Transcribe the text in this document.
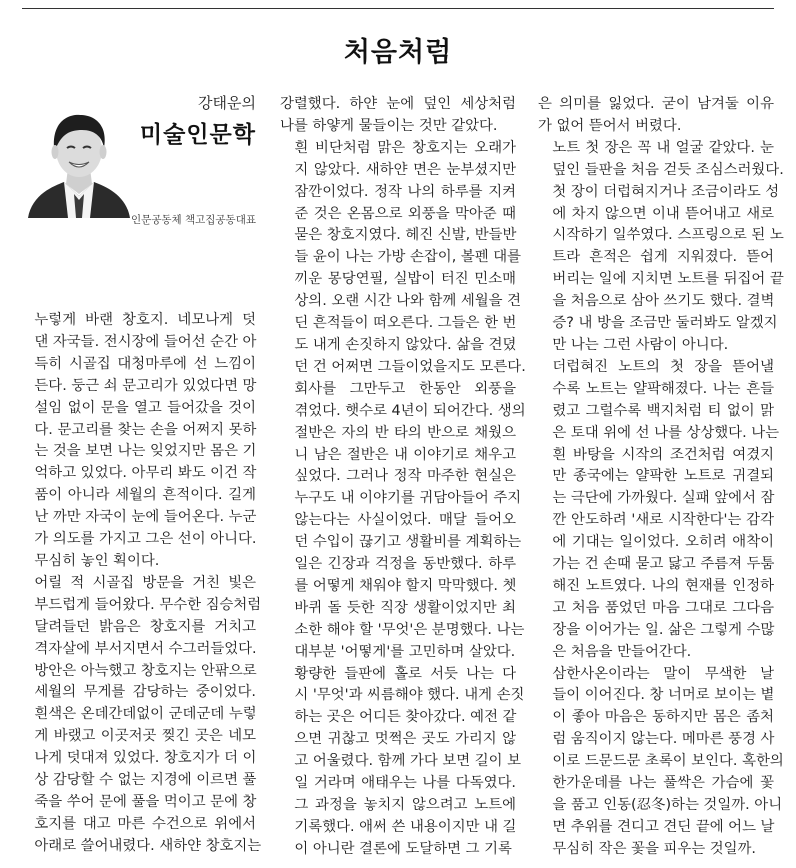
처음처럼
강태운의
미술인문학
인문공동체 책고집공동대표

누렇게 바랜 창호지. 네모나게 덧
댄 자국들. 전시장에 들어선 순간 아
득히 시골집 대청마루에 선 느낌이
든다. 둥근 쇠 문고리가 있었다면 망
설임 없이 문을 열고 들어갔을 것이
다. 문고리를 찾는 손을 어쩌지 못하
는 것을 보면 나는 잊었지만 몸은 기
억하고 있었다. 아무리 봐도 이건 작
품이 아니라 세월의 흔적이다. 길게
난 까만 자국이 눈에 들어온다. 누군
가 의도를 가지고 그은 선이 아니다.
무심히 놓인 획이다.

어릴 적 시골집 방문을 거친 빛은
부드럽게 들어왔다. 무수한 짐승처럼
달려들던 밝음은 창호지를 거치고
격자살에 부서지면서 수그러들었다.
방안은 아늑했고 창호지는 안팎으로
세월의 무게를 감당하는 중이었다.
흰색은 온데간데없이 군데군데 누렇
게 바랬고 이곳저곳 찢긴 곳은 네모
나게 덧대져 있었다. 창호지가 더 이
상 감당할 수 없는 지경에 이르면 풀
죽을 쑤어 문에 풀을 먹이고 문에 창
호지를 대고 마른 수건으로 위에서
아래로 쓸어내렸다. 새하얀 창호지는

강렬했다. 하얀 눈에 덮인 세상처럼
나를 하얗게 물들이는 것만 같았다.

흰 비단처럼 맑은 창호지는 오래가
지 않았다. 새하얀 면은 눈부셨지만
잠깐이었다. 정작 나의 하루를 지켜
준 것은 온몸으로 외풍을 막아준 때
묻은 창호지였다. 헤진 신발, 반들반
들 윤이 나는 가방 손잡이, 볼펜 대를
끼운 몽당연필, 실밥이 터진 민소매
상의. 오랜 시간 나와 함께 세월을 견
딘 흔적들이 떠오른다. 그들은 한 번
도 내게 손짓하지 않았다. 삶을 견뎠
던 건 어쩌면 그들이었을지도 모른다.

회사를 그만두고 한동안 외풍을
겪었다. 햇수로 4년이 되어간다. 생의
절반은 자의 반 타의 반으로 채웠으
니 남은 절반은 내 이야기로 채우고
싶었다. 그러나 정작 마주한 현실은
누구도 내 이야기를 귀담아들어 주지
않는다는 사실이었다. 매달 들어오
던 수입이 끊기고 생활비를 계획하는
일은 긴장과 걱정을 동반했다. 하루
를 어떻게 채워야 할지 막막했다. 쳇
바퀴 돌 듯한 직장 생활이었지만 최
소한 해야 할 '무엇'은 분명했다. 나는
대부분 '어떻게'를 고민하며 살았다.

황량한 들판에 홀로 서듯 나는 다
시 '무엇'과 씨름해야 했다. 내게 손짓
하는 곳은 어디든 찾아갔다. 예전 같
으면 귀찮고 멋쩍은 곳도 가리지 않
고 어울렸다. 함께 가다 보면 길이 보
일 거라며 애태우는 나를 다독였다.
그 과정을 놓치지 않으려고 노트에
기록했다. 애써 쓴 내용이지만 내 길
이 아니란 결론에 도달하면 그 기록

은 의미를 잃었다. 굳이 남겨둘 이유
가 없어 뜯어서 버렸다.

노트 첫 장은 꼭 내 얼굴 같았다. 눈
덮인 들판을 처음 걷듯 조심스러웠다.
첫 장이 더럽혀지거나 조금이라도 성
에 차지 않으면 이내 뜯어내고 새로
시작하기 일쑤였다. 스프링으로 된 노
트라 흔적은 쉽게 지워졌다. 뜯어
버리는 일에 지치면 노트를 뒤집어 끝
을 처음으로 삼아 쓰기도 했다. 결벽
증? 내 방을 조금만 둘러봐도 알겠지
만 나는 그런 사람이 아니다.

더럽혀진 노트의 첫 장을 뜯어낼
수록 노트는 얄팍해졌다. 나는 흔들
렸고 그럴수록 백지처럼 티 없이 맑
은 토대 위에 선 나를 상상했다. 나는
흰 바탕을 시작의 조건처럼 여겼지
만 종국에는 얄팍한 노트로 귀결되
는 극단에 가까웠다. 실패 앞에서 잠
깐 안도하려 '새로 시작한다'는 감각
에 기대는 일이었다. 오히려 애착이
가는 건 손때 묻고 닳고 주름져 두툼
해진 노트였다. 나의 현재를 인정하
고 처음 품었던 마음 그대로 그다음
장을 이어가는 일. 삶은 그렇게 수많
은 처음을 만들어간다.

삼한사온이라는 말이 무색한 날
들이 이어진다. 창 너머로 보이는 볕
이 좋아 마음은 동하지만 몸은 좀처
럼 움직이지 않는다. 메마른 풍경 사
이로 드문드문 초록이 보인다. 혹한의
한가운데를 나는 풀싹은 가슴에 꽃
을 품고 인동(忍冬)하는 것일까. 아니
면 추위를 견디고 견딘 끝에 어느 날
무심히 작은 꽃을 피우는 것일까.
